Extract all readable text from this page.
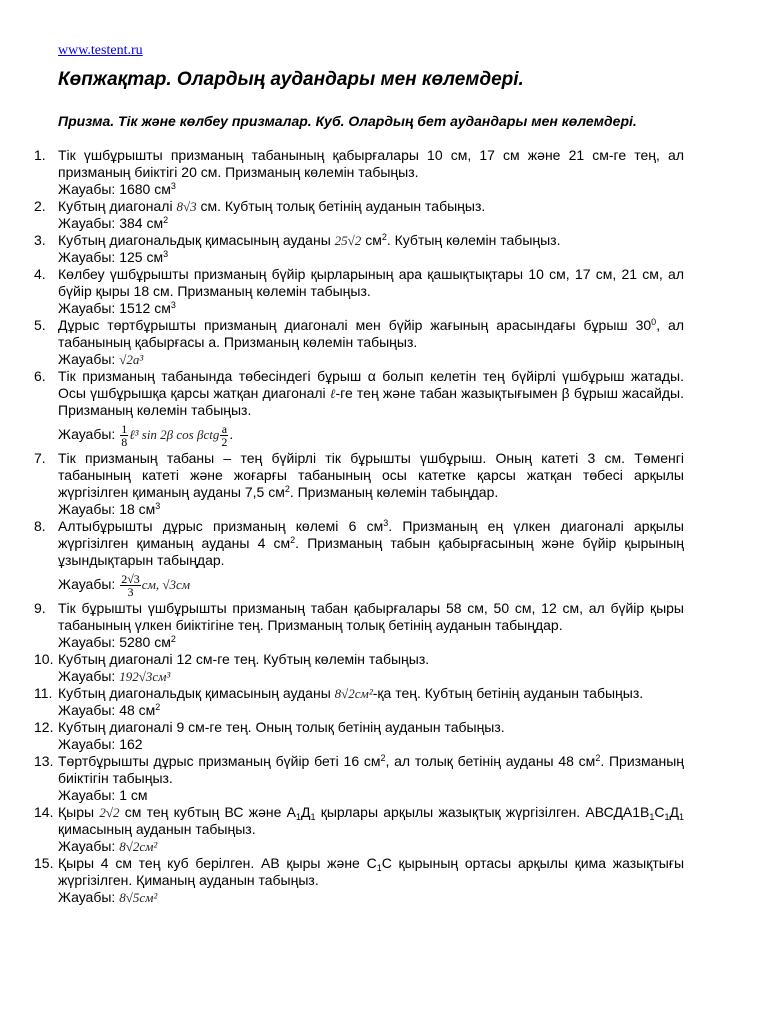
www.testent.ru
Көпжақтар. Олардың аудандары мен көлемдері.

Призма. Тік және көлбеу призмалар. Куб. Олардың бет аудандары мен көлемдері.

1. Тік үшбұрышты призманың табанының қабырғалары 10 см, 17 см және 21 см-ге тең, ал призманың биіктігі 20 см. Призманың көлемін табыңыз.
Жауабы: 1680 $см^3$
2. Кубтың диагоналі 8√3 см. Кубтың толық бетінің ауданын табыңыз.
Жауабы: 384 $см^2$
3. Кубтың диагональдық қимасының ауданы 25√2 $см^2$. Кубтың көлемін табыңыз.
Жауабы: 125 $см^3$
4. Көлбеу үшбұрышты призманың бүйір қырларының ара қашықтықтары 10 см, 17 см, 21 см, ал бүйір қыры 18 см. Призманың көлемін табыңыз.
Жауабы: 1512 $см^3$
5. Дұрыс төртбұрышты призманың диагоналі мен бүйір жағының арасындағы бұрыш $30^0$, ал табанының қабырғасы а. Призманың көлемін табыңыз.
Жауабы: √2a³
6. Тік призманың табанында төбесіндегі бұрыш α болып келетін тең бүйірлі үшбұрыш жатады. Осы үшбұрышқа қарсы жатқан диагоналі ℓ-ге тең және табан жазықтығымен β бұрыш жасайды. Призманың көлемін табыңыз.
Жауабы: $\frac{1}{8}$ ℓ³ sin 2β cos βctg $\frac{a}{2}$ .
7. Тік призманың табаны – тең бүйірлі тік бұрышты үшбұрыш. Оның катеті 3 см. Төменгі табанының катеті және жоғарғы табанының осы катетке қарсы жатқан төбесі арқылы жүргізілген қиманың ауданы 7,5 $см^2$. Призманың көлемін табыңдар.
Жауабы: 18 $см^3$
8. Алтыбұрышты дұрыс призманың көлемі 6 $см^3$. Призманың ең үлкен диагоналі арқылы жүргізілген қиманың ауданы 4 $см^2$. Призманың табын қабырғасының және бүйір қырының ұзындықтарын табыңдар.
Жауабы: $\frac{2√3}{3}$ см, √3см
9. Тік бұрышты үшбұрышты призманың табан қабырғалары 58 см, 50 см, 12 см, ал бүйір қыры табанының үлкен биіктігіне тең. Призманың толық бетінің ауданын табыңдар.
Жауабы: 5280 $см^2$
10. Кубтың диагоналі 12 см-ге тең. Кубтың көлемін табыңыз.
Жауабы: 192√3см³
11. Кубтың диагональдық қимасының ауданы 8√2см²-қа тең. Кубтың бетінің ауданын табыңыз.
Жауабы: 48 $см^2$
12. Кубтың диагоналі 9 см-ге тең. Оның толық бетінің ауданын табыңыз.
Жауабы: 162
13. Төртбұрышты дұрыс призманың бүйір беті 16 $см^2$, ал толық бетінің ауданы 48 $см^2$. Призманың биіктігін табыңыз.
Жауабы: 1 см
14. Қыры 2√2 см тең кубтың ВС және $А_1Д_1$ қырлары арқылы жазықтық жүргізілген. $АВСДА1В_1С_1Д_1$ қимасының ауданын табыңыз.
Жауабы: 8√2см²
15. Қыры 4 см тең куб берілген. АВ қыры және $С_1С$ қырының ортасы арқылы қима жазықтығы жүргізілген. Қиманың ауданын табыңыз.
Жауабы: 8√5см²
